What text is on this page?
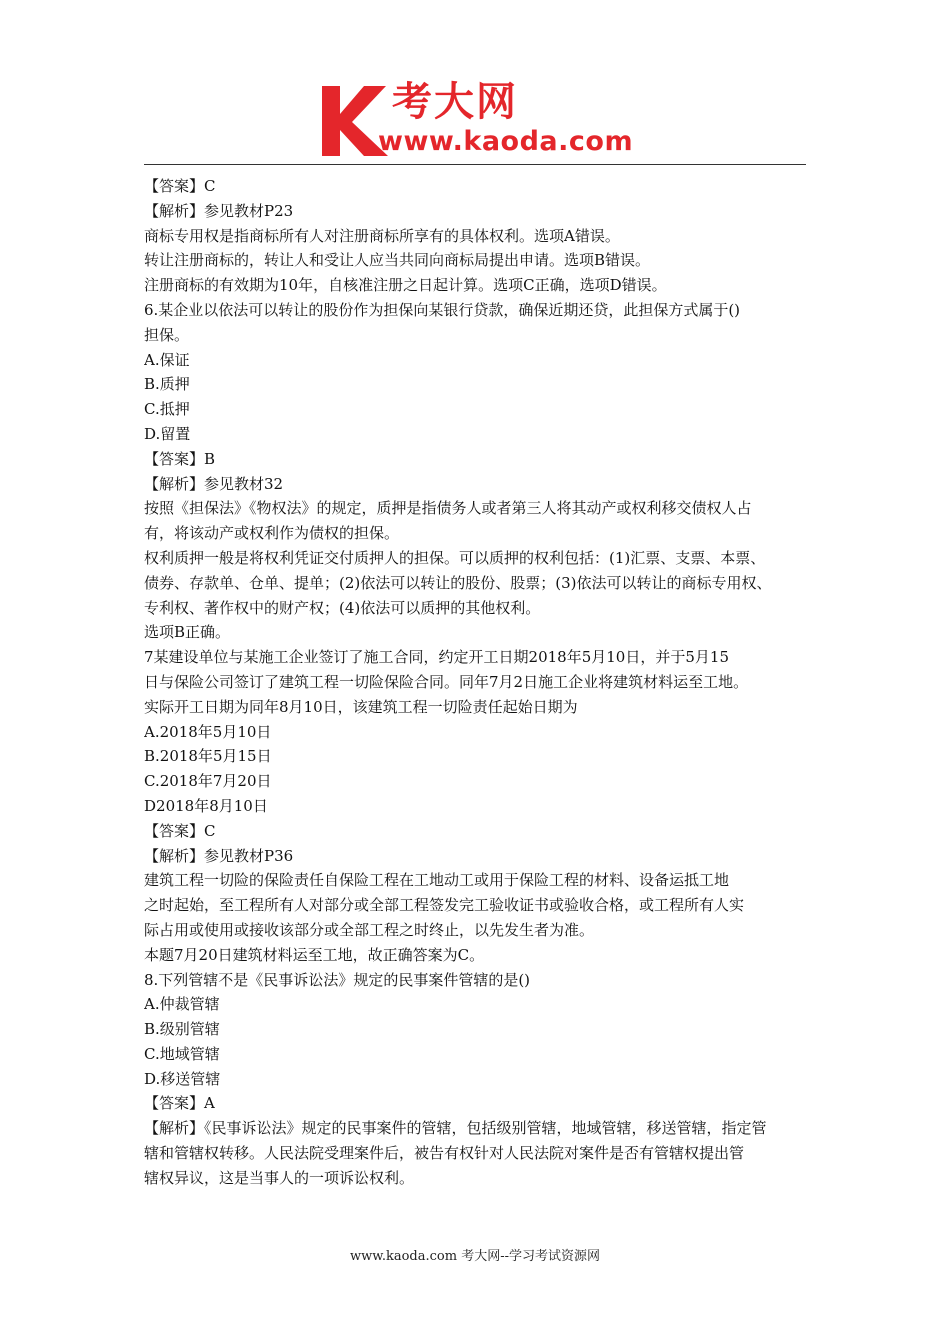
考大网
www.kaoda.com
【答案】C
【解析】参见教材P23
商标专用权是指商标所有人对注册商标所享有的具体权利。选项A错误。
转让注册商标的，转让人和受让人应当共同向商标局提出申请。选项B错误。
注册商标的有效期为10年，自核准注册之日起计算。选项C正确，选项D错误。
6.某企业以依法可以转让的股份作为担保向某银行贷款，确保近期还贷，此担保方式属于()
担保。
A.保证
B.质押
C.抵押
D.留置
【答案】B
【解析】参见教材32
按照《担保法》《物权法》的规定，质押是指债务人或者第三人将其动产或权利移交债权人占
有，将该动产或权利作为债权的担保。
权利质押一般是将权利凭证交付质押人的担保。可以质押的权利包括：(1)汇票、支票、本票、
债券、存款单、仓单、提单；(2)依法可以转让的股份、股票；(3)依法可以转让的商标专用权、
专利权、著作权中的财产权；(4)依法可以质押的其他权利。
选项B正确。
7某建设单位与某施工企业签订了施工合同，约定开工日期2018年5月10日，并于5月15
日与保险公司签订了建筑工程一切险保险合同。同年7月2日施工企业将建筑材料运至工地。
实际开工日期为同年8月10日，该建筑工程一切险责任起始日期为
A.2018年5月10日
B.2018年5月15日
C.2018年7月20日
D2018年8月10日
【答案】C
【解析】参见教材P36
建筑工程一切险的保险责任自保险工程在工地动工或用于保险工程的材料、设备运抵工地
之时起始，至工程所有人对部分或全部工程签发完工验收证书或验收合格，或工程所有人实
际占用或使用或接收该部分或全部工程之时终止，以先发生者为准。
本题7月20日建筑材料运至工地，故正确答案为C。
8.下列管辖不是《民事诉讼法》规定的民事案件管辖的是()
A.仲裁管辖
B.级别管辖
C.地域管辖
D.移送管辖
【答案】A
【解析】《民事诉讼法》规定的民事案件的管辖，包括级别管辖，地域管辖，移送管辖，指定管
辖和管辖权转移。人民法院受理案件后，被告有权针对人民法院对案件是否有管辖权提出管
辖权异议，这是当事人的一项诉讼权利。
www.kaoda.com 考大网--学习考试资源网
